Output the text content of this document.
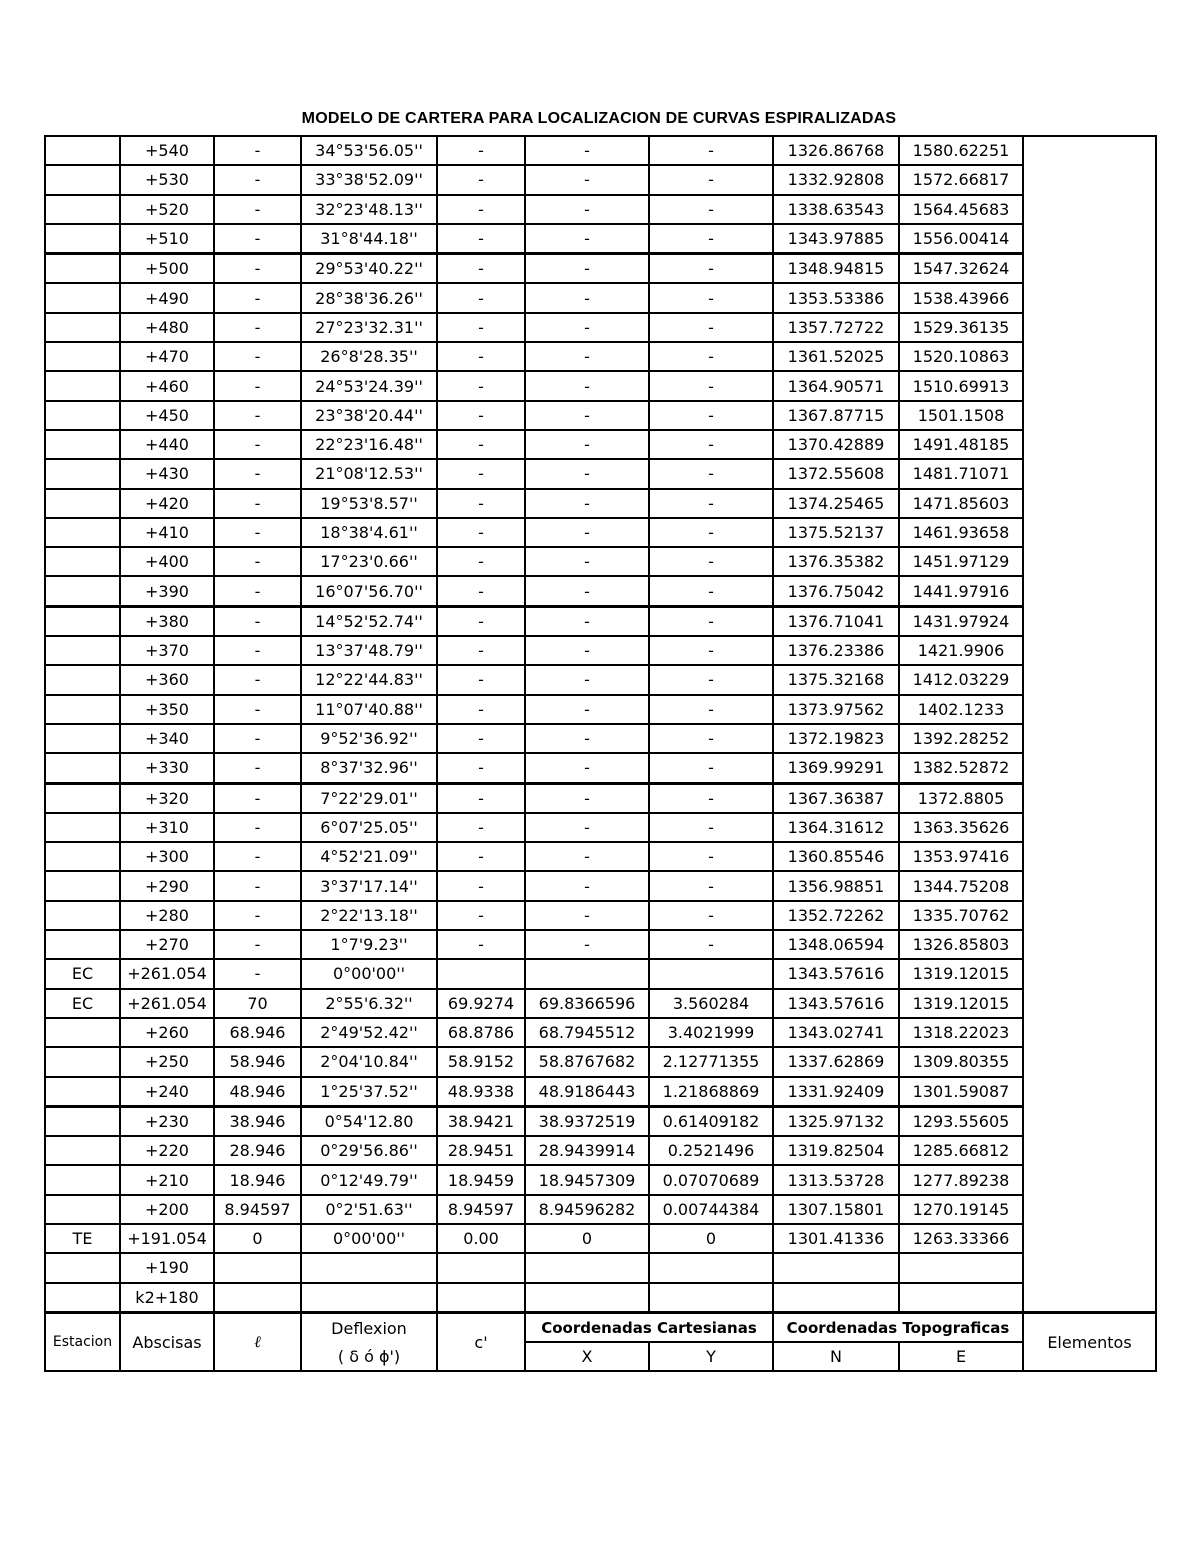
MODELO DE CARTERA PARA LOCALIZACION DE CURVAS ESPIRALIZADAS
	+540	-	34°53'56.05''	-	-	-	1326.86768	1580.62251	
	+530	-	33°38'52.09''	-	-	-	1332.92808	1572.66817	
	+520	-	32°23'48.13''	-	-	-	1338.63543	1564.45683	
	+510	-	31°8'44.18''	-	-	-	1343.97885	1556.00414	
	+500	-	29°53'40.22''	-	-	-	1348.94815	1547.32624	
	+490	-	28°38'36.26''	-	-	-	1353.53386	1538.43966	
	+480	-	27°23'32.31''	-	-	-	1357.72722	1529.36135	
	+470	-	26°8'28.35''	-	-	-	1361.52025	1520.10863	
	+460	-	24°53'24.39''	-	-	-	1364.90571	1510.69913	
	+450	-	23°38'20.44''	-	-	-	1367.87715	1501.1508	
	+440	-	22°23'16.48''	-	-	-	1370.42889	1491.48185	
	+430	-	21°08'12.53''	-	-	-	1372.55608	1481.71071	
	+420	-	19°53'8.57''	-	-	-	1374.25465	1471.85603	
	+410	-	18°38'4.61''	-	-	-	1375.52137	1461.93658	
	+400	-	17°23'0.66''	-	-	-	1376.35382	1451.97129	
	+390	-	16°07'56.70''	-	-	-	1376.75042	1441.97916	
	+380	-	14°52'52.74''	-	-	-	1376.71041	1431.97924	
	+370	-	13°37'48.79''	-	-	-	1376.23386	1421.9906	
	+360	-	12°22'44.83''	-	-	-	1375.32168	1412.03229	
	+350	-	11°07'40.88''	-	-	-	1373.97562	1402.1233	
	+340	-	9°52'36.92''	-	-	-	1372.19823	1392.28252	
	+330	-	8°37'32.96''	-	-	-	1369.99291	1382.52872	
	+320	-	7°22'29.01''	-	-	-	1367.36387	1372.8805	
	+310	-	6°07'25.05''	-	-	-	1364.31612	1363.35626	
	+300	-	4°52'21.09''	-	-	-	1360.85546	1353.97416	
	+290	-	3°37'17.14''	-	-	-	1356.98851	1344.75208	
	+280	-	2°22'13.18''	-	-	-	1352.72262	1335.70762	
	+270	-	1°7'9.23''	-	-	-	1348.06594	1326.85803	
EC	+261.054	-	0°00'00''				1343.57616	1319.12015	
EC	+261.054	70	2°55'6.32''	69.9274	69.8366596	3.560284	1343.57616	1319.12015	
	+260	68.946	2°49'52.42''	68.8786	68.7945512	3.4021999	1343.02741	1318.22023	
	+250	58.946	2°04'10.84''	58.9152	58.8767682	2.12771355	1337.62869	1309.80355	
	+240	48.946	1°25'37.52''	48.9338	48.9186443	1.21868869	1331.92409	1301.59087	
	+230	38.946	0°54'12.80	38.9421	38.9372519	0.61409182	1325.97132	1293.55605	
	+220	28.946	0°29'56.86''	28.9451	28.9439914	0.2521496	1319.82504	1285.66812	
	+210	18.946	0°12'49.79''	18.9459	18.9457309	0.07070689	1313.53728	1277.89238	
	+200	8.94597	0°2'51.63''	8.94597	8.94596282	0.00744384	1307.15801	1270.19145	
TE	+191.054	0	0°00'00''	0.00	0	0	1301.41336	1263.33366	
	+190								
	k2+180								
Estacion	Abscisas	ℓ	Deflexion	c'	Coordenadas Cartesianas		Coordenadas Topograficas		Elementos
			( δ ó ϕ')		X	Y	N	E	
